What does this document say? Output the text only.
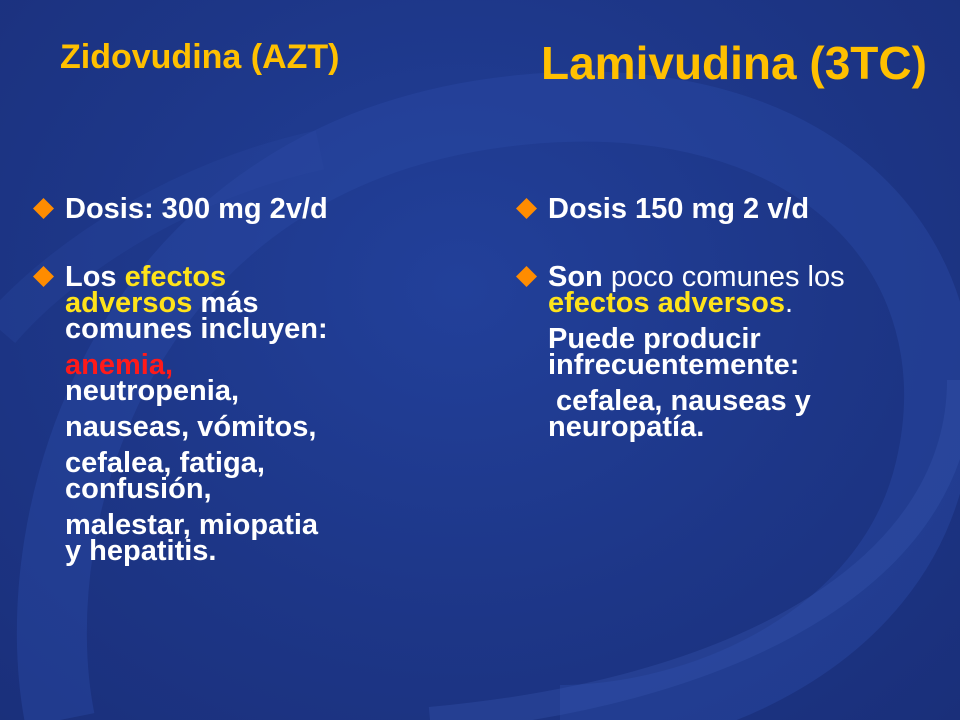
Zidovudina (AZT)	Lamivudina (3TC)
Dosis: 300 mg 2v/d
Los efectos
adversos más
comunes incluyen:
anemia,
neutropenia,
nauseas, vómitos,
cefalea, fatiga,
confusión,
malestar, miopatia
y hepatitis.
Dosis 150 mg 2 v/d
Son poco comunes los
efectos adversos.
Puede producir
infrecuentemente:
cefalea, nauseas y
neuropatía.
